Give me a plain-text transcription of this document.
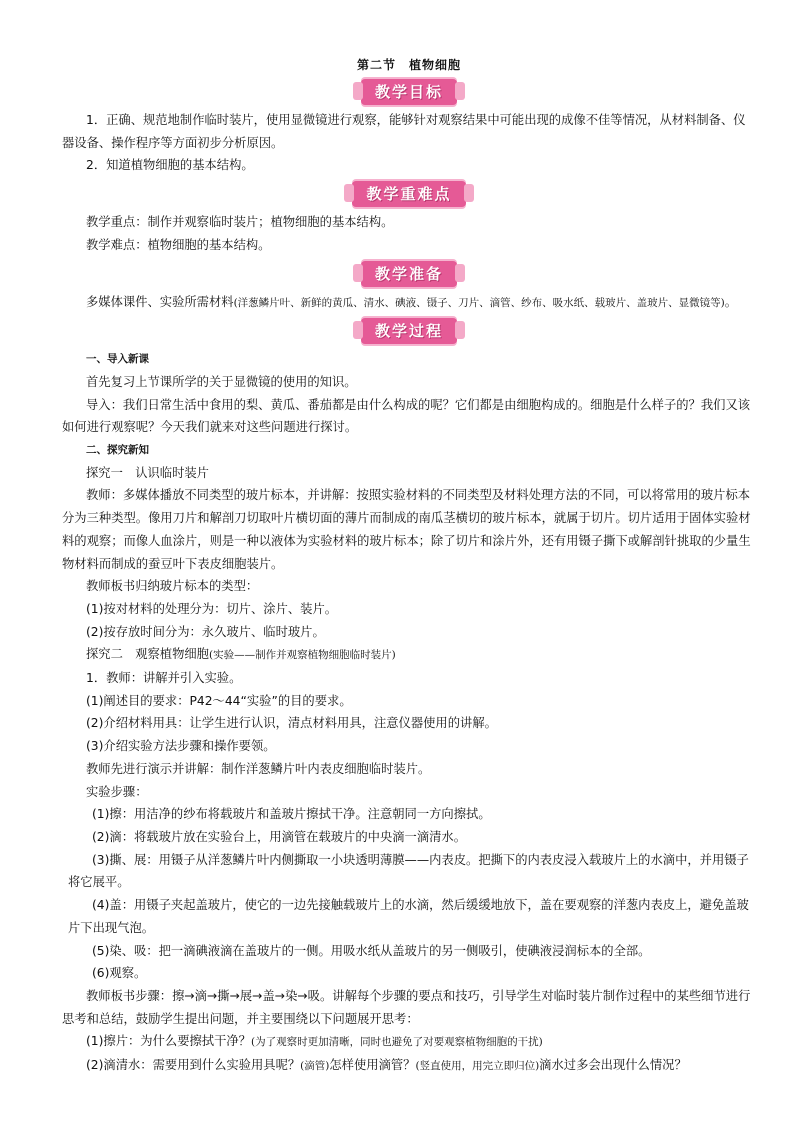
第二节　植物细胞
教学目标

1．正确、规范地制作临时装片，使用显微镜进行观察，能够针对观察结果中可能出现的成像不佳等情况，从材料制备、仪器设备、操作程序等方面初步分析原因。

2．知道植物细胞的基本结构。

教学重难点

教学重点：制作并观察临时装片；植物细胞的基本结构。

教学难点：植物细胞的基本结构。

教学准备

多媒体课件、实验所需材料(洋葱鳞片叶、新鲜的黄瓜、清水、碘液、镊子、刀片、滴管、纱布、吸水纸、载玻片、盖玻片、显微镜等)。

教学过程

一、导入新课

首先复习上节课所学的关于显微镜的使用的知识。

导入：我们日常生活中食用的梨、黄瓜、番茄都是由什么构成的呢？它们都是由细胞构成的。细胞是什么样子的？我们又该如何进行观察呢？今天我们就来对这些问题进行探讨。

二、探究新知

探究一　认识临时装片

教师：多媒体播放不同类型的玻片标本，并讲解：按照实验材料的不同类型及材料处理方法的不同，可以将常用的玻片标本分为三种类型。像用刀片和解剖刀切取叶片横切面的薄片而制成的南瓜茎横切的玻片标本，就属于切片。切片适用于固体实验材料的观察；而像人血涂片，则是一种以液体为实验材料的玻片标本；除了切片和涂片外，还有用镊子撕下或解剖针挑取的少量生物材料而制成的蚕豆叶下表皮细胞装片。

教师板书归纳玻片标本的类型：

(1)按对材料的处理分为：切片、涂片、装片。

(2)按存放时间分为：永久玻片、临时玻片。

探究二　观察植物细胞(实验——制作并观察植物细胞临时装片)

1．教师：讲解并引入实验。

(1)阐述目的要求：P42～44“实验”的目的要求。

(2)介绍材料用具：让学生进行认识，清点材料用具，注意仪器使用的讲解。

(3)介绍实验方法步骤和操作要领。

教师先进行演示并讲解：制作洋葱鳞片叶内表皮细胞临时装片。

实验步骤：

(1)擦：用洁净的纱布将载玻片和盖玻片擦拭干净。注意朝同一方向擦拭。

(2)滴：将载玻片放在实验台上，用滴管在载玻片的中央滴一滴清水。

(3)撕、展：用镊子从洋葱鳞片叶内侧撕取一小块透明薄膜——内表皮。把撕下的内表皮浸入载玻片上的水滴中，并用镊子将它展平。

(4)盖：用镊子夹起盖玻片，使它的一边先接触载玻片上的水滴，然后缓缓地放下，盖在要观察的洋葱内表皮上，避免盖玻片下出现气泡。

(5)染、吸：把一滴碘液滴在盖玻片的一侧。用吸水纸从盖玻片的另一侧吸引，使碘液浸润标本的全部。

(6)观察。

教师板书步骤：擦→滴→撕→展→盖→染→吸。讲解每个步骤的要点和技巧，引导学生对临时装片制作过程中的某些细节进行思考和总结，鼓励学生提出问题，并主要围绕以下问题展开思考：

(1)擦片：为什么要擦拭干净？(为了观察时更加清晰，同时也避免了对要观察植物细胞的干扰)

(2)滴清水：需要用到什么实验用具呢？(滴管)怎样使用滴管？(竖直使用，用完立即归位)滴水过多会出现什么情况？
